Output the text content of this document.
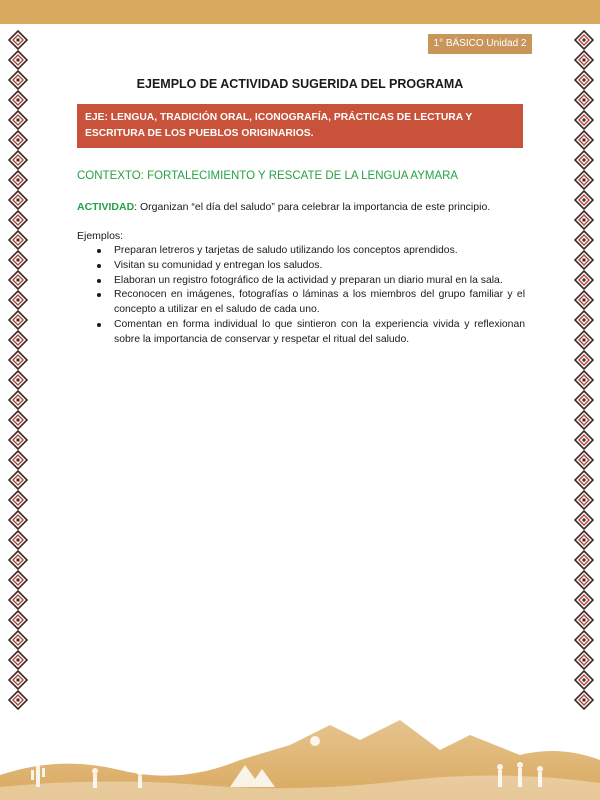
1° BÁSICO Unidad 2
EJEMPLO DE ACTIVIDAD SUGERIDA DEL PROGRAMA
EJE: LENGUA, TRADICIÓN ORAL, ICONOGRAFÍA, PRÁCTICAS DE LECTURA Y ESCRITURA DE LOS PUEBLOS ORIGINARIOS.
CONTEXTO: FORTALECIMIENTO Y RESCATE DE LA LENGUA AYMARA
ACTIVIDAD: Organizan “el día del saludo” para celebrar la importancia de este principio.
Ejemplos:
Preparan letreros y tarjetas de saludo utilizando los conceptos aprendidos.
Visitan su comunidad y entregan los saludos.
Elaboran un registro fotográfico de la actividad y preparan un diario mural en la sala.
Reconocen en imágenes, fotografías o láminas a los miembros del grupo familiar y el concepto a utilizar en el saludo de cada uno.
Comentan en forma individual lo que sintieron con la experiencia vivida y reflexionan sobre la importancia de conservar y respetar el ritual del saludo.
